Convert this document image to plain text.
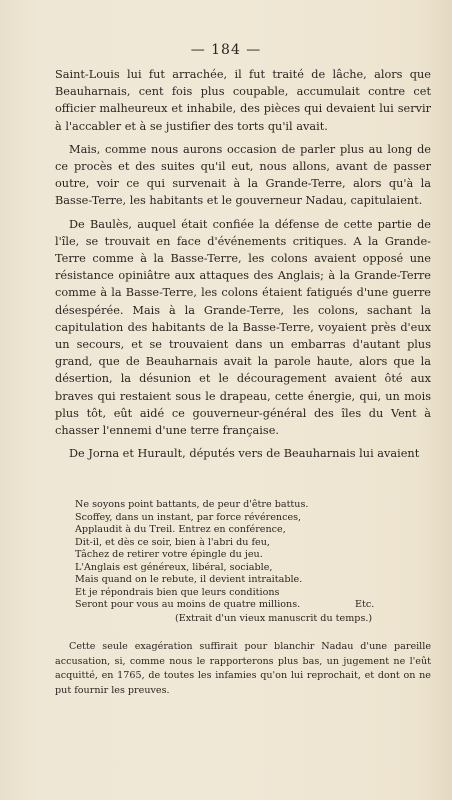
— 184 —

Saint-Louis lui fut arrachée, il fut traité de lâche, alors que Beauharnais, cent fois plus coupable, accumulait contre cet officier malheureux et inhabile, des pièces qui devaient lui servir à l'accabler et à se justifier des torts qu'il avait.

Mais, comme nous aurons occasion de parler plus au long de ce procès et des suites qu'il eut, nous allons, avant de passer outre, voir ce qui survenait à la Grande-Terre, alors qu'à la Basse-Terre, les habitants et le gouverneur Nadau, capitulaient.

De Baulès, auquel était confiée la défense de cette partie de l'île, se trouvait en face d'événements critiques. A la Grande-Terre comme à la Basse-Terre, les colons avaient opposé une résistance opiniâtre aux attaques des Anglais; à la Grande-Terre comme à la Basse-Terre, les colons étaient fatigués d'une guerre désespérée. Mais à la Grande-Terre, les colons, sachant la capitulation des habitants de la Basse-Terre, voyaient près d'eux un secours, et se trouvaient dans un embarras d'autant plus grand, que de Beauharnais avait la parole haute, alors que la désertion, la désunion et le découragement avaient ôté aux braves qui restaient sous le drapeau, cette énergie, qui, un mois plus tôt, eût aidé ce gouverneur-général des îles du Vent à chasser l'ennemi d'une terre française.

De Jorna et Hurault, députés vers de Beauharnais lui avaient

Ne soyons point battants, de peur d'être battus.
Scoffey, dans un instant, par force révérences,
Applaudit à du Treil. Entrez en conférence,
Dit-il, et dès ce soir, bien à l'abri du feu,
Tâchez de retirer votre épingle du jeu.
L'Anglais est généreux, libéral, sociable,
Mais quand on le rebute, il devient intraitable.
Et je répondrais bien que leurs conditions
Seront pour vous au moins de quatre millions.	Etc.
(Extrait d'un vieux manuscrit du temps.)
Cette seule exagération suffirait pour blanchir Nadau d'une pareille accusation, si, comme nous le rapporterons plus bas, un jugement ne l'eût acquitté, en 1765, de toutes les infamies qu'on lui reprochait, et dont on ne put fournir les preuves.
